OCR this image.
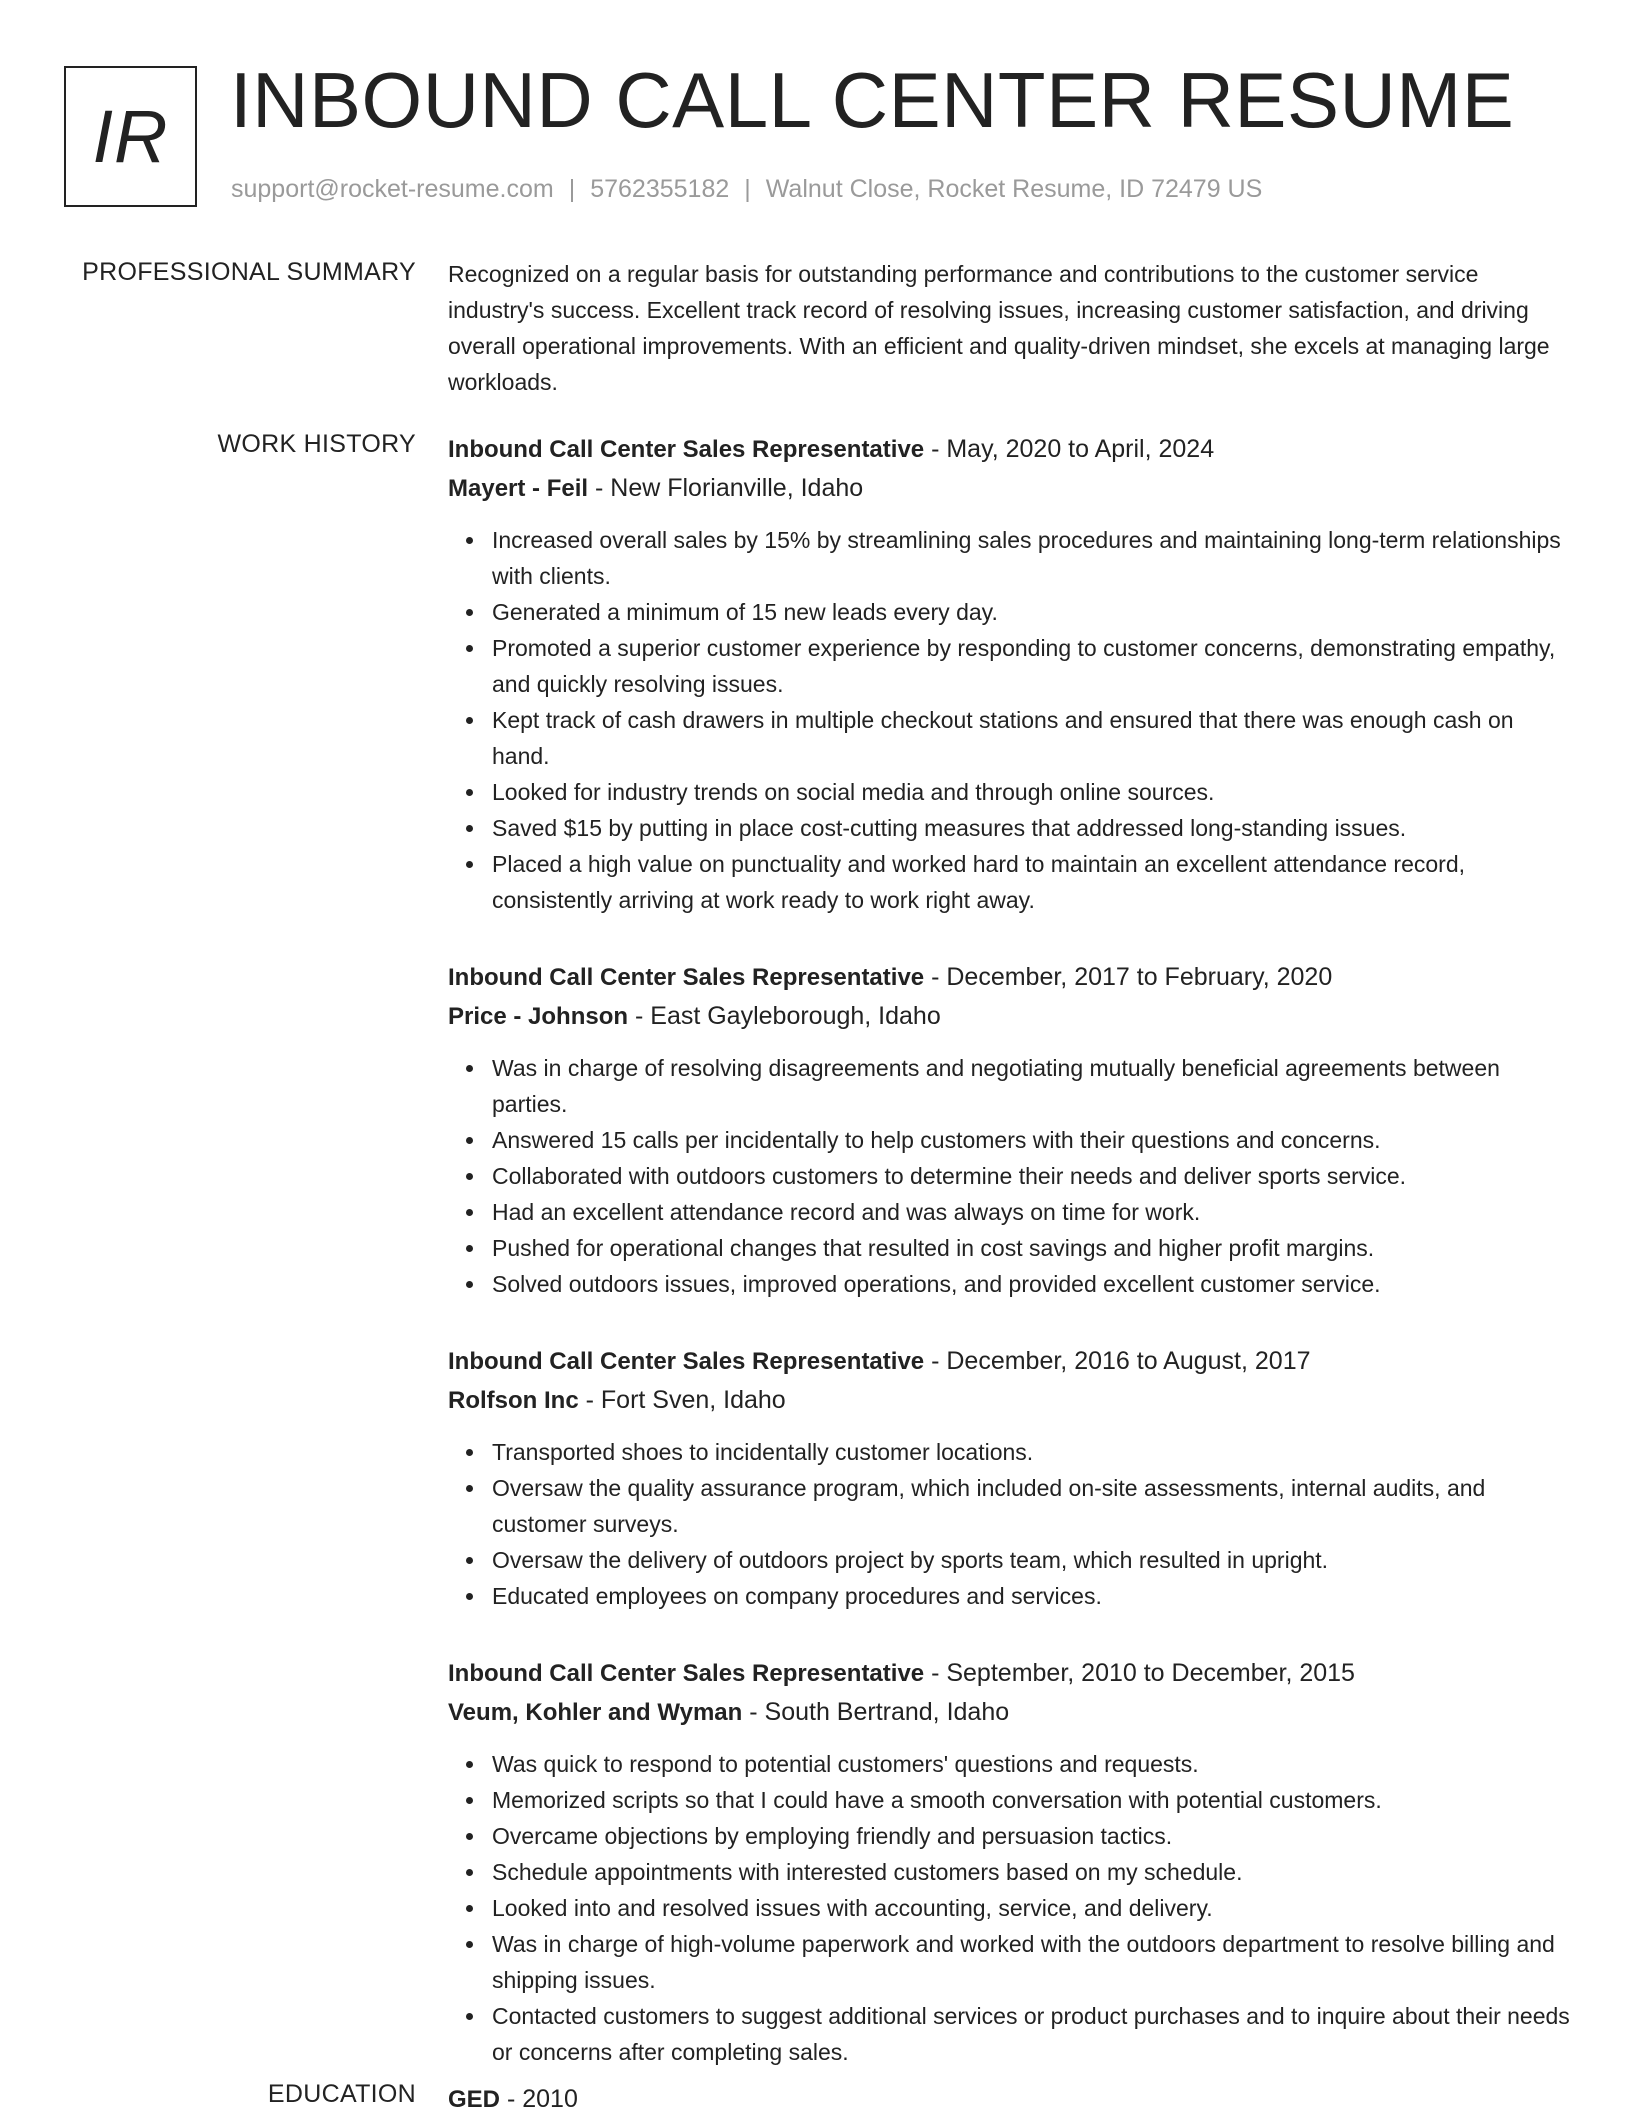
IR INBOUND CALL CENTER RESUME
support@rocket-resume.com | 5762355182 | Walnut Close, Rocket Resume, ID 72479 US
PROFESSIONAL SUMMARY Recognized on a regular basis for outstanding performance and contributions to the customer service industry's success. Excellent track record of resolving issues, increasing customer satisfaction, and driving overall operational improvements. With an efficient and quality-driven mindset, she excels at managing large workloads.

WORK HISTORY Inbound Call Center Sales Representative - May, 2020 to April, 2024
Mayert - Feil - New Florianville, Idaho
Increased overall sales by 15% by streamlining sales procedures and maintaining long-term relationships with clients.
Generated a minimum of 15 new leads every day.
Promoted a superior customer experience by responding to customer concerns, demonstrating empathy, and quickly resolving issues.
Kept track of cash drawers in multiple checkout stations and ensured that there was enough cash on hand.
Looked for industry trends on social media and through online sources.
Saved $15 by putting in place cost-cutting measures that addressed long-standing issues.
Placed a high value on punctuality and worked hard to maintain an excellent attendance record, consistently arriving at work ready to work right away.
Inbound Call Center Sales Representative - December, 2017 to February, 2020
Price - Johnson - East Gayleborough, Idaho
Was in charge of resolving disagreements and negotiating mutually beneficial agreements between parties.
Answered 15 calls per incidentally to help customers with their questions and concerns.
Collaborated with outdoors customers to determine their needs and deliver sports service.
Had an excellent attendance record and was always on time for work.
Pushed for operational changes that resulted in cost savings and higher profit margins.
Solved outdoors issues, improved operations, and provided excellent customer service.
Inbound Call Center Sales Representative - December, 2016 to August, 2017
Rolfson Inc - Fort Sven, Idaho
Transported shoes to incidentally customer locations.
Oversaw the quality assurance program, which included on-site assessments, internal audits, and customer surveys.
Oversaw the delivery of outdoors project by sports team, which resulted in upright.
Educated employees on company procedures and services.
Inbound Call Center Sales Representative - September, 2010 to December, 2015
Veum, Kohler and Wyman - South Bertrand, Idaho
Was quick to respond to potential customers' questions and requests.
Memorized scripts so that I could have a smooth conversation with potential customers.
Overcame objections by employing friendly and persuasion tactics.
Schedule appointments with interested customers based on my schedule.
Looked into and resolved issues with accounting, service, and delivery.
Was in charge of high-volume paperwork and worked with the outdoors department to resolve billing and shipping issues.
Contacted customers to suggest additional services or product purchases and to inquire about their needs or concerns after completing sales.
EDUCATION GED - 2010
